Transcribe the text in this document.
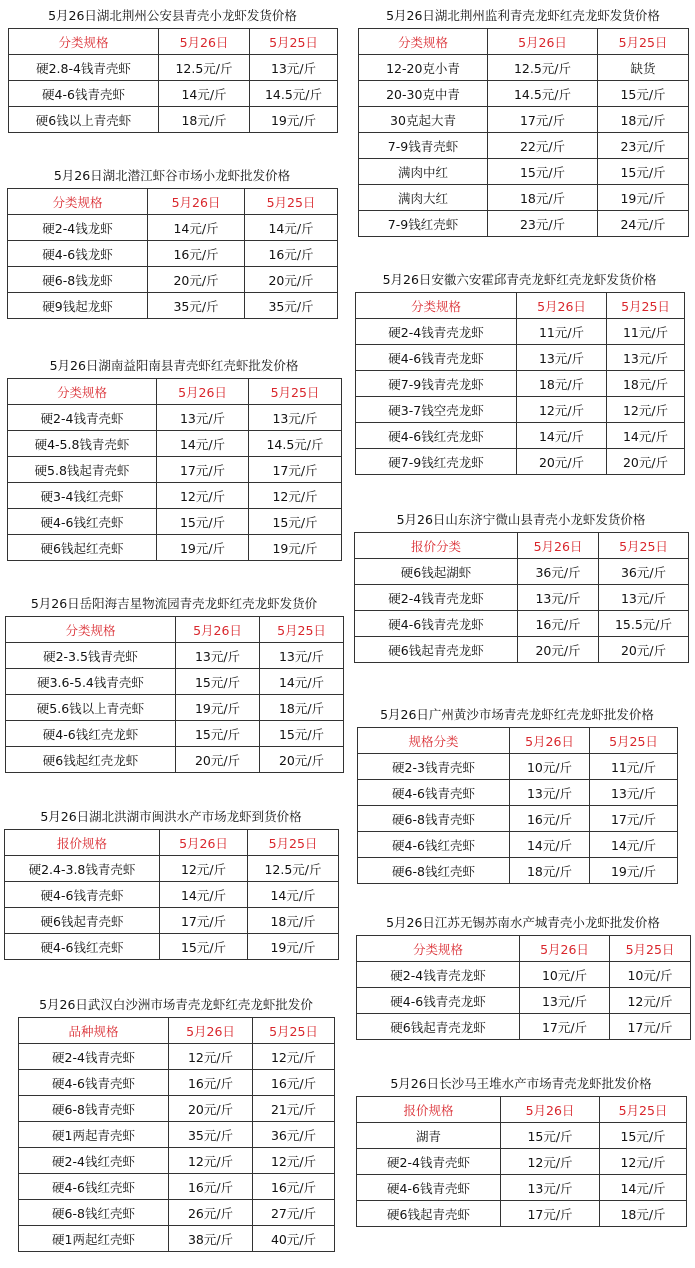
5月26日湖北荆州公安县青壳小龙虾发货价格
分类规格	5月26日	5月25日
硬2.8-4钱青壳虾	12.5元/斤	13元/斤
硬4-6钱青壳虾	14元/斤	14.5元/斤
硬6钱以上青壳虾	18元/斤	19元/斤
5月26日湖北潜江虾谷市场小龙虾批发价格
分类规格	5月26日	5月25日
硬2-4钱龙虾	14元/斤	14元/斤
硬4-6钱龙虾	16元/斤	16元/斤
硬6-8钱龙虾	20元/斤	20元/斤
硬9钱起龙虾	35元/斤	35元/斤
5月26日湖南益阳南县青壳虾红壳虾批发价格
分类规格	5月26日	5月25日
硬2-4钱青壳虾	13元/斤	13元/斤
硬4-5.8钱青壳虾	14元/斤	14.5元/斤
硬5.8钱起青壳虾	17元/斤	17元/斤
硬3-4钱红壳虾	12元/斤	12元/斤
硬4-6钱红壳虾	15元/斤	15元/斤
硬6钱起红壳虾	19元/斤	19元/斤
5月26日岳阳海吉星物流园青壳龙虾红壳龙虾发货价
分类规格	5月26日	5月25日
硬2-3.5钱青壳虾	13元/斤	13元/斤
硬3.6-5.4钱青壳虾	15元/斤	14元/斤
硬5.6钱以上青壳虾	19元/斤	18元/斤
硬4-6钱红壳龙虾	15元/斤	15元/斤
硬6钱起红壳龙虾	20元/斤	20元/斤
5月26日湖北洪湖市闽洪水产市场龙虾到货价格
报价规格	5月26日	5月25日
硬2.4-3.8钱青壳虾	12元/斤	12.5元/斤
硬4-6钱青壳虾	14元/斤	14元/斤
硬6钱起青壳虾	17元/斤	18元/斤
硬4-6钱红壳虾	15元/斤	19元/斤
5月26日武汉白沙洲市场青壳龙虾红壳龙虾批发价
品种规格	5月26日	5月25日
硬2-4钱青壳虾	12元/斤	12元/斤
硬4-6钱青壳虾	16元/斤	16元/斤
硬6-8钱青壳虾	20元/斤	21元/斤
硬1两起青壳虾	35元/斤	36元/斤
硬2-4钱红壳虾	12元/斤	12元/斤
硬4-6钱红壳虾	16元/斤	16元/斤
硬6-8钱红壳虾	26元/斤	27元/斤
硬1两起红壳虾	38元/斤	40元/斤
5月26日湖北荆州监利青壳龙虾红壳龙虾发货价格
分类规格	5月26日	5月25日
12-20克小青	12.5元/斤	缺货
20-30克中青	14.5元/斤	15元/斤
30克起大青	17元/斤	18元/斤
7-9钱青壳虾	22元/斤	23元/斤
满肉中红	15元/斤	15元/斤
满肉大红	18元/斤	19元/斤
7-9钱红壳虾	23元/斤	24元/斤
5月26日安徽六安霍邱青壳龙虾红壳龙虾发货价格
分类规格	5月26日	5月25日
硬2-4钱青壳龙虾	11元/斤	11元/斤
硬4-6钱青壳龙虾	13元/斤	13元/斤
硬7-9钱青壳龙虾	18元/斤	18元/斤
硬3-7钱空壳龙虾	12元/斤	12元/斤
硬4-6钱红壳龙虾	14元/斤	14元/斤
硬7-9钱红壳龙虾	20元/斤	20元/斤
5月26日山东济宁微山县青壳小龙虾发货价格
报价分类	5月26日	5月25日
硬6钱起湖虾	36元/斤	36元/斤
硬2-4钱青壳龙虾	13元/斤	13元/斤
硬4-6钱青壳龙虾	16元/斤	15.5元/斤
硬6钱起青壳龙虾	20元/斤	20元/斤
5月26日广州黄沙市场青壳龙虾红壳龙虾批发价格
规格分类	5月26日	5月25日
硬2-3钱青壳虾	10元/斤	11元/斤
硬4-6钱青壳虾	13元/斤	13元/斤
硬6-8钱青壳虾	16元/斤	17元/斤
硬4-6钱红壳虾	14元/斤	14元/斤
硬6-8钱红壳虾	18元/斤	19元/斤
5月26日江苏无锡苏南水产城青壳小龙虾批发价格
分类规格	5月26日	5月25日
硬2-4钱青壳龙虾	10元/斤	10元/斤
硬4-6钱青壳龙虾	13元/斤	12元/斤
硬6钱起青壳龙虾	17元/斤	17元/斤
5月26日长沙马王堆水产市场青壳龙虾批发价格
报价规格	5月26日	5月25日
湖青	15元/斤	15元/斤
硬2-4钱青壳虾	12元/斤	12元/斤
硬4-6钱青壳虾	13元/斤	14元/斤
硬6钱起青壳虾	17元/斤	18元/斤
